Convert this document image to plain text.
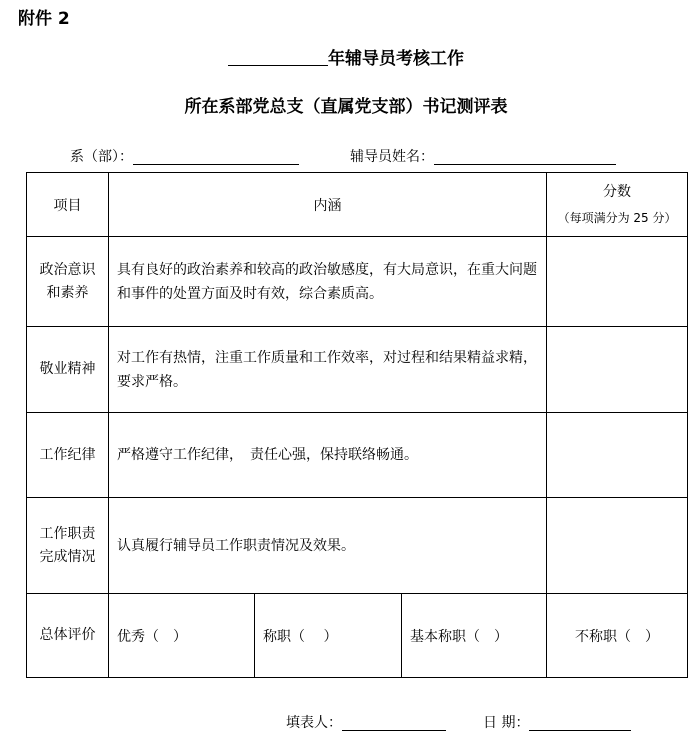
附件 2
年辅导员考核工作
所在系部党总支（直属党支部）书记测评表
系（部）：	辅导员姓名：
项目	内涵			分数
（每项满分为 25 分）

政治意识
和素养	具有良好的政治素养和较高的政治敏感度，有大局意识，在重大问题和事件的处置方面及时有效，综合素质高。			

敬业精神	对工作有热情，注重工作质量和工作效率，对过程和结果精益求精，要求严格。			

工作纪律	严格遵守工作纪律，　责任心强，保持联络畅通。			

工作职责
完成情况	认真履行辅导员工作职责情况及效果。			
总体评价	优秀（　）	称职（　 ）	基本称职（　）	不称职（　）
填表人：	日 期：
